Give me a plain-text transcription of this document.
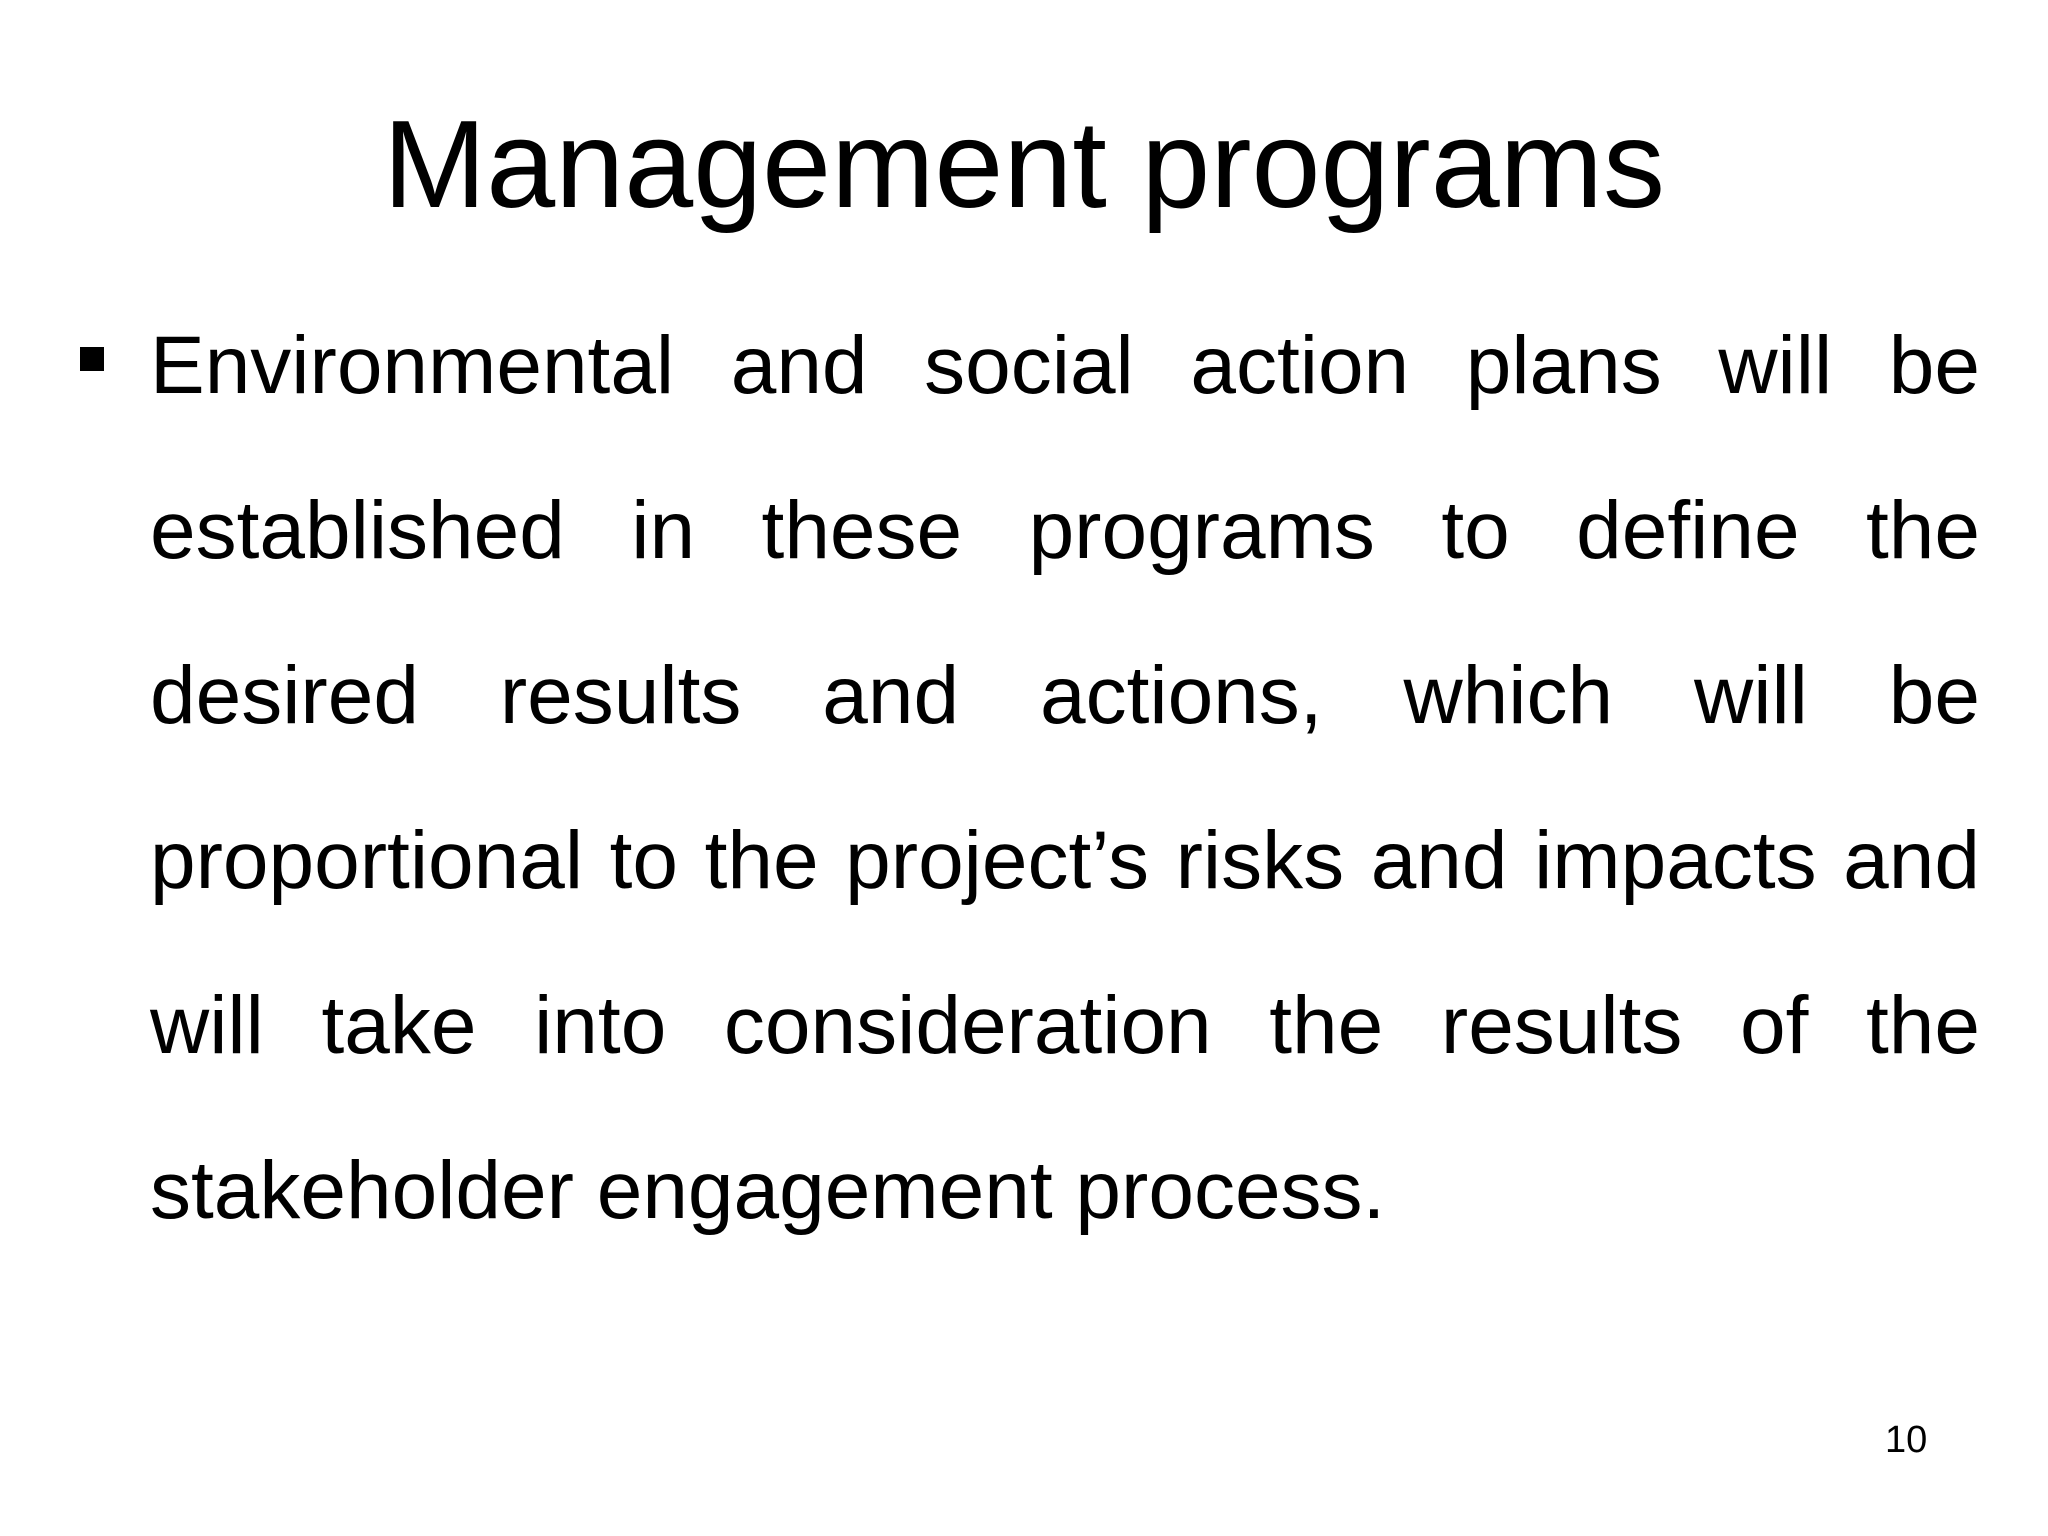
Management programs
Environmental and social action plans will be established in these programs to define the desired results and actions, which will be proportional to the project’s risks and impacts and will take into consideration the results of the stakeholder engagement process.
10
